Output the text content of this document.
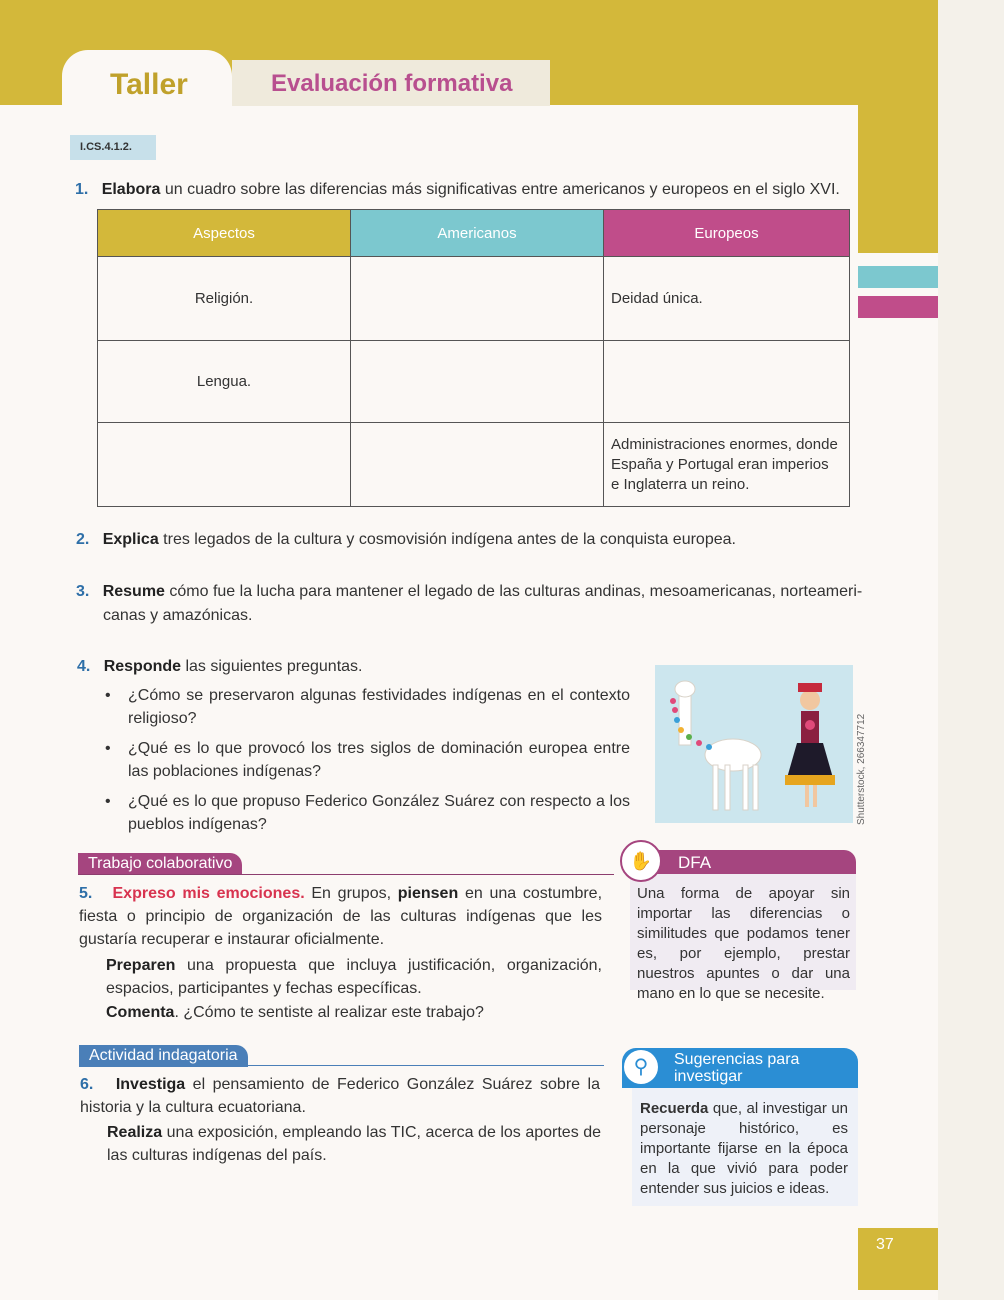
Taller	Evaluación formativa
I.CS.4.1.2.
1. Elabora un cuadro sobre las diferencias más significativas entre americanos y europeos en el siglo XVI.
Aspectos	Americanos	Europeos
Religión.		Deidad única.
Lengua.		
		Administraciones enormes, donde España y Portugal eran imperios e Inglaterra un reino.
2. Explica tres legados de la cultura y cosmovisión indígena antes de la conquista europea.
3. Resume cómo fue la lucha para mantener el legado de las culturas andinas, mesoamericanas, norteameri-
canas y amazónicas.
4. Responde las siguientes preguntas.
• ¿Cómo se preservaron algunas festividades indígenas en el contexto religioso?
• ¿Qué es lo que provocó los tres siglos de dominación europea entre las poblaciones indígenas?
• ¿Qué es lo que propuso Federico González Suárez con respecto a los pueblos indígenas?	Shutterstock, 266347712
Trabajo colaborativo
5. Expreso mis emociones. En grupos, piensen en una costumbre, fiesta o principio de organización de las culturas indígenas que les gustaría recuperar e instaurar oficialmente.
Preparen una propuesta que incluya justificación, organización, espacios, participantes y fechas específicas.
Comenta. ¿Cómo te sentiste al realizar este trabajo?
Actividad indagatoria
6. Investiga el pensamiento de Federico González Suárez sobre la historia y la cultura ecuatoriana.
Realiza una exposición, empleando las TIC, acerca de los aportes de las culturas indígenas del país.
✋	DFA
Una forma de apoyar sin importar las diferencias o similitudes que podamos tener es, por ejemplo, prestar nuestros apuntes o dar una mano en lo que se necesite.
⚲	Sugerencias para investigar
Recuerda que, al investigar un personaje histórico, es importante fijarse en la época en la que vivió para poder entender sus juicios e ideas.
37
